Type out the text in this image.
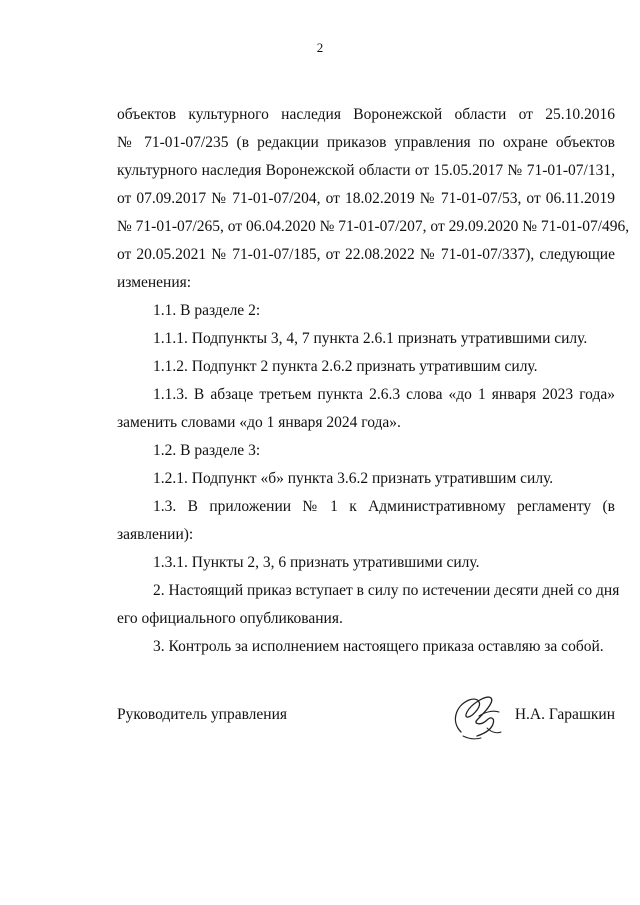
2
объектов культурного наследия Воронежской области от 25.10.2016
№ 71-01-07/235 (в редакции приказов управления по охране объектов
культурного наследия Воронежской области от 15.05.2017 № 71-01-07/131,
от 07.09.2017 № 71-01-07/204, от 18.02.2019 № 71-01-07/53, от 06.11.2019
№ 71-01-07/265, от 06.04.2020 № 71-01-07/207, от 29.09.2020 № 71-01-07/496,
от 20.05.2021 № 71-01-07/185, от 22.08.2022 № 71-01-07/337), следующие
изменения:
1.1. В разделе 2:
1.1.1. Подпункты 3, 4, 7 пункта 2.6.1 признать утратившими силу.
1.1.2. Подпункт 2 пункта 2.6.2 признать утратившим силу.
1.1.3. В абзаце третьем пункта 2.6.3 слова «до 1 января 2023 года»
заменить словами «до 1 января 2024 года».
1.2. В разделе 3:
1.2.1. Подпункт «б» пункта 3.6.2 признать утратившим силу.
1.3. В приложении № 1 к Административному регламенту (в
заявлении):
1.3.1. Пункты 2, 3, 6 признать утратившими силу.
2. Настоящий приказ вступает в силу по истечении десяти дней со дня
его официального опубликования.
3. Контроль за исполнением настоящего приказа оставляю за собой.
Руководитель управления	Н.А. Гарашкин
